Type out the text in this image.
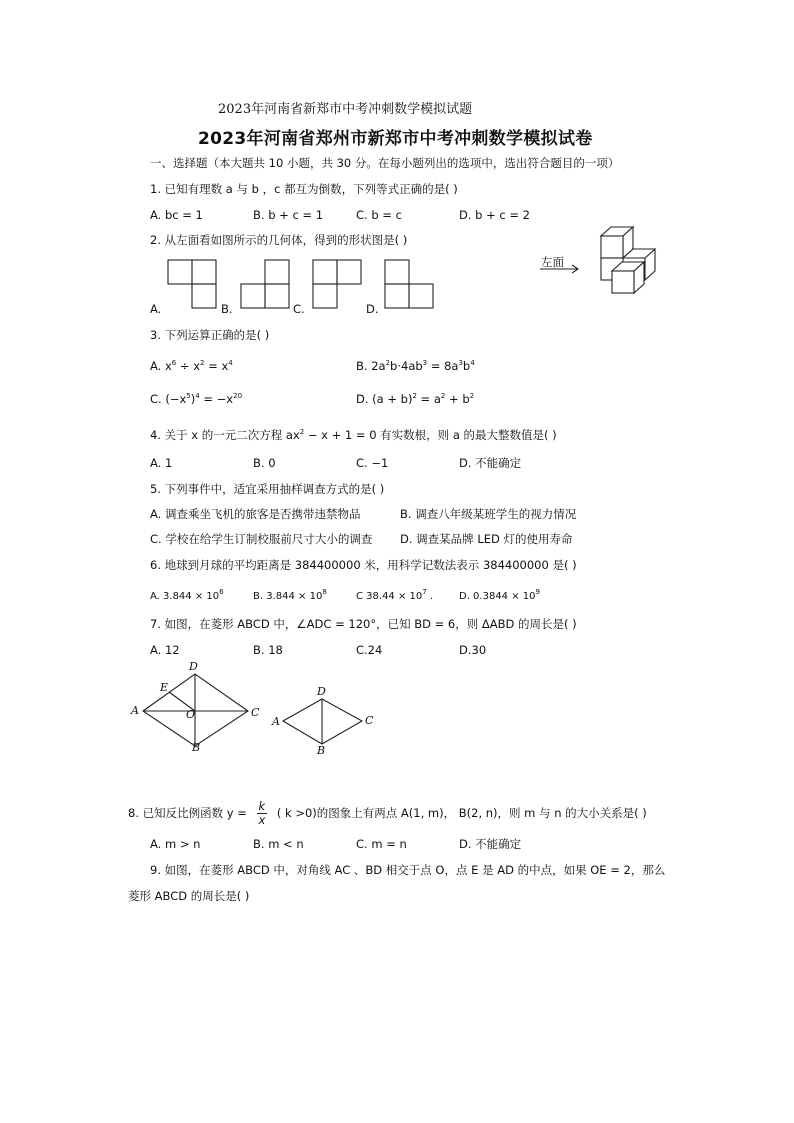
2023年河南省新郑市中考冲刺数学模拟试题
2023年河南省郑州市新郑市中考冲刺数学模拟试卷
一、选择题（本大题共 10 小题，共 30 分。在每小题列出的选项中，选出符合题目的一项）
1. 已知有理数 a 与 b ，c 都互为倒数，下列等式正确的是( )
A. bc = 1	B. b + c = 1	C. b = c	D. b + c = 2
2. 从左面看如图所示的几何体，得到的形状图是( )
A.	B.	C.	D.
左面
3. 下列运算正确的是( )
A. $x^6 \div x^2 = x^4$	B. $2a^2b\cdot 4ab^3 = 8a^3b^4$
C. $(-x^5)^4 = -x^{20}$	D. $(a + b)^2 = a^2 + b^2$
4. 关于 x 的一元二次方程 $ax^2 - x + 1 = 0$ 有实数根，则 a 的最大整数值是( )
A. 1	B. 0	C. −1	D. 不能确定
5. 下列事件中，适宜采用抽样调查方式的是( )
A. 调查乘坐飞机的旅客是否携带违禁物品	B. 调查八年级某班学生的视力情况
C. 学校在给学生订制校服前尺寸大小的调查 D. 调查某品牌 LED 灯的使用寿命
6. 地球到月球的平均距离是 384400000 米，用科学记数法表示 384400000 是( )
A. $3.844 \times 10^6$	B. $3.844 \times 10^8$	C $38.44 \times 10^7$ .	D. $0.3844 \times 10^9$
7. 如图，在菱形 ABCD 中，∠ADC = 120°，已知 BD = 6，则 ΔABD 的周长是( )
A. 12	B. 18	C.24	D.30
D
E
A	O	C
B
D
A	C
B
8. 已知反比例函数 $y = \frac{k}{x}$ ( k >0)的图象上有两点 A(1, m)， B(2, n)，则 m 与 n 的大小关系是( )
A. m > n	B. m < n	C. m = n	D. 不能确定
9. 如图，在菱形 ABCD 中，对角线 AC 、BD 相交于点 O，点 E 是 AD 的中点，如果 OE = 2，那么
菱形 ABCD 的周长是( )
